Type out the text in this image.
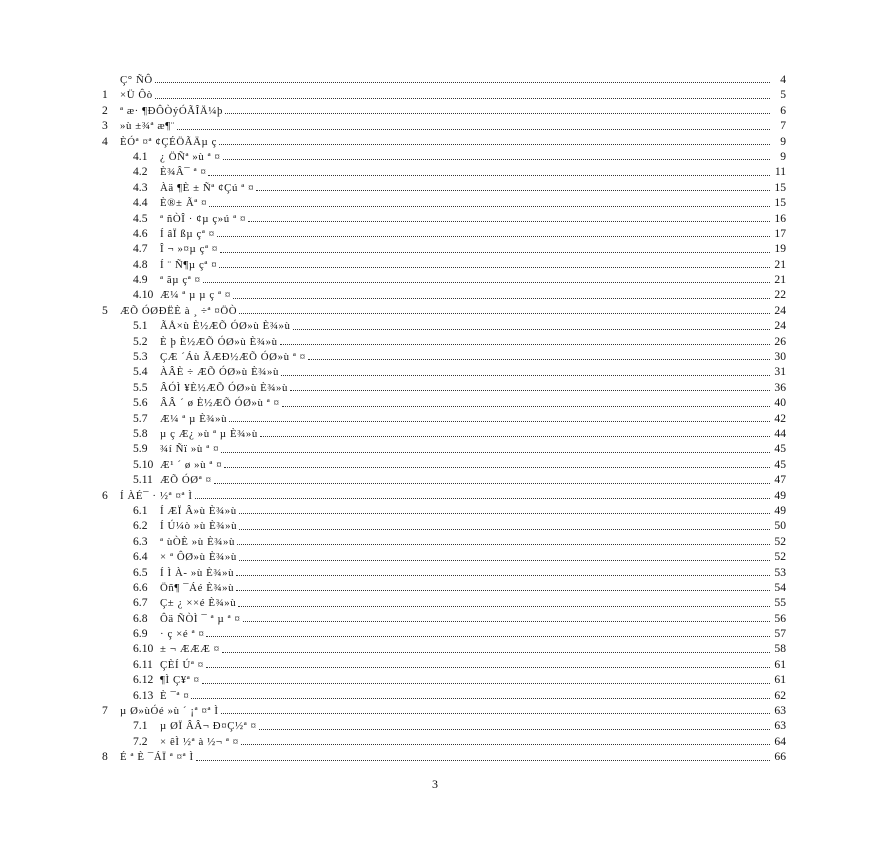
Ç° ÑÔ	4
1	×Ü Ôò	5
2	ª æ· ¶ÐÔÒýÓÃÎÄ¼þ	6
3	»ù ±¾ª æ¶¨	7
4	ÈÓª ¤ª ¢ÇÉÖÃÄµ ç	9
4.1	¿ ÖÑª »ù ª ¤	9
4.2	È¾Â¯ ª ¤	11
4.3	Àä ¶È ± Ñª ¢Çú ª ¤	15
4.4	È®± Ãª ¤	15
4.5	ª ñÒÎ · ¢µ ç»ú ª ¤	16
4.6	Í âÏ ßµ çª ¤	17
4.7	Î ¬ »¤µ çª ¤	19
4.8	Í ¨ Ñ¶µ çª ¤	21
4.9	ª ãµ çª ¤	21
4.10 Æ¼ ª µ µ ç ª ¤	22
5	ÆÕ ÓØÐËÈ à ¸ ÷ª ¤ÖÒ	24
5.1	ÃÅ×ù È½ÆÕ ÓØ»ù È¾»ù	24
5.2	È þ È½ÆÕ ÓØ»ù È¾»ù	26
5.3	ÇÆ ´Áù ÃÆÐ½ÆÕ ÓØ»ù ª ¤	30
5.4	ÀÂÈ ÷ ÆÕ ÓØ»ù È¾»ù	31
5.5	ÂÓÌ ¥È½ÆÕ ÓØ»ù È¾»ù	36
5.6	ÂÂ ´ ø È½ÆÕ ÓØ»ù ª ¤	40
5.7	Æ¼ ª µ È¾»ù	42
5.8	µ ç Æ¿ »ù ª µ È¾»ù	44
5.9	¾í Ñï »ù ª ¤	45
5.10 Æ¹ ´ ø »ù ª ¤	45
5.11 ÆÕ ÓØª ¤	47
6	Í ÀÉ¯ · ½ª ¤ª Ì	49
6.1	Í ÆÏ Â»ù È¾»ù	49
6.2	Í Ú¼ò »ù È¾»ù	50
6.3	ª ùÒÈ »ù È¾»ù	52
6.4	× ª ÔØ»ù È¾»ù	52
6.5	Í Ì À- »ù È¾»ù	53
6.6	Öñ¶ ¯Áé È¾»ù	54
6.7	Ç± ¿ ××é È¾»ù	55
6.8	Ôä ÑÒÌ ¯ ª µ ª ¤	56
6.9	· ç ×é ª ¤	57
6.10 ± ¬ ÆÆÆ ¤	58
6.11 ÇÈÍ Úª ¤	61
6.12 ¶Ì Ç¥ª ¤	61
6.13 È ¯ª ¤	62
7	µ Ø»ùÓé »ù ´ ¡ª ¤ª Ì	63
7.1	µ ØÏ ÂÂ¬ Ð¤Ç½ª ¤	63
7.2	× êÌ ½ª à ½¬ ª ¤	64
8	É ª È ¯ÁÏ ª ¤ª Ì	66
3
